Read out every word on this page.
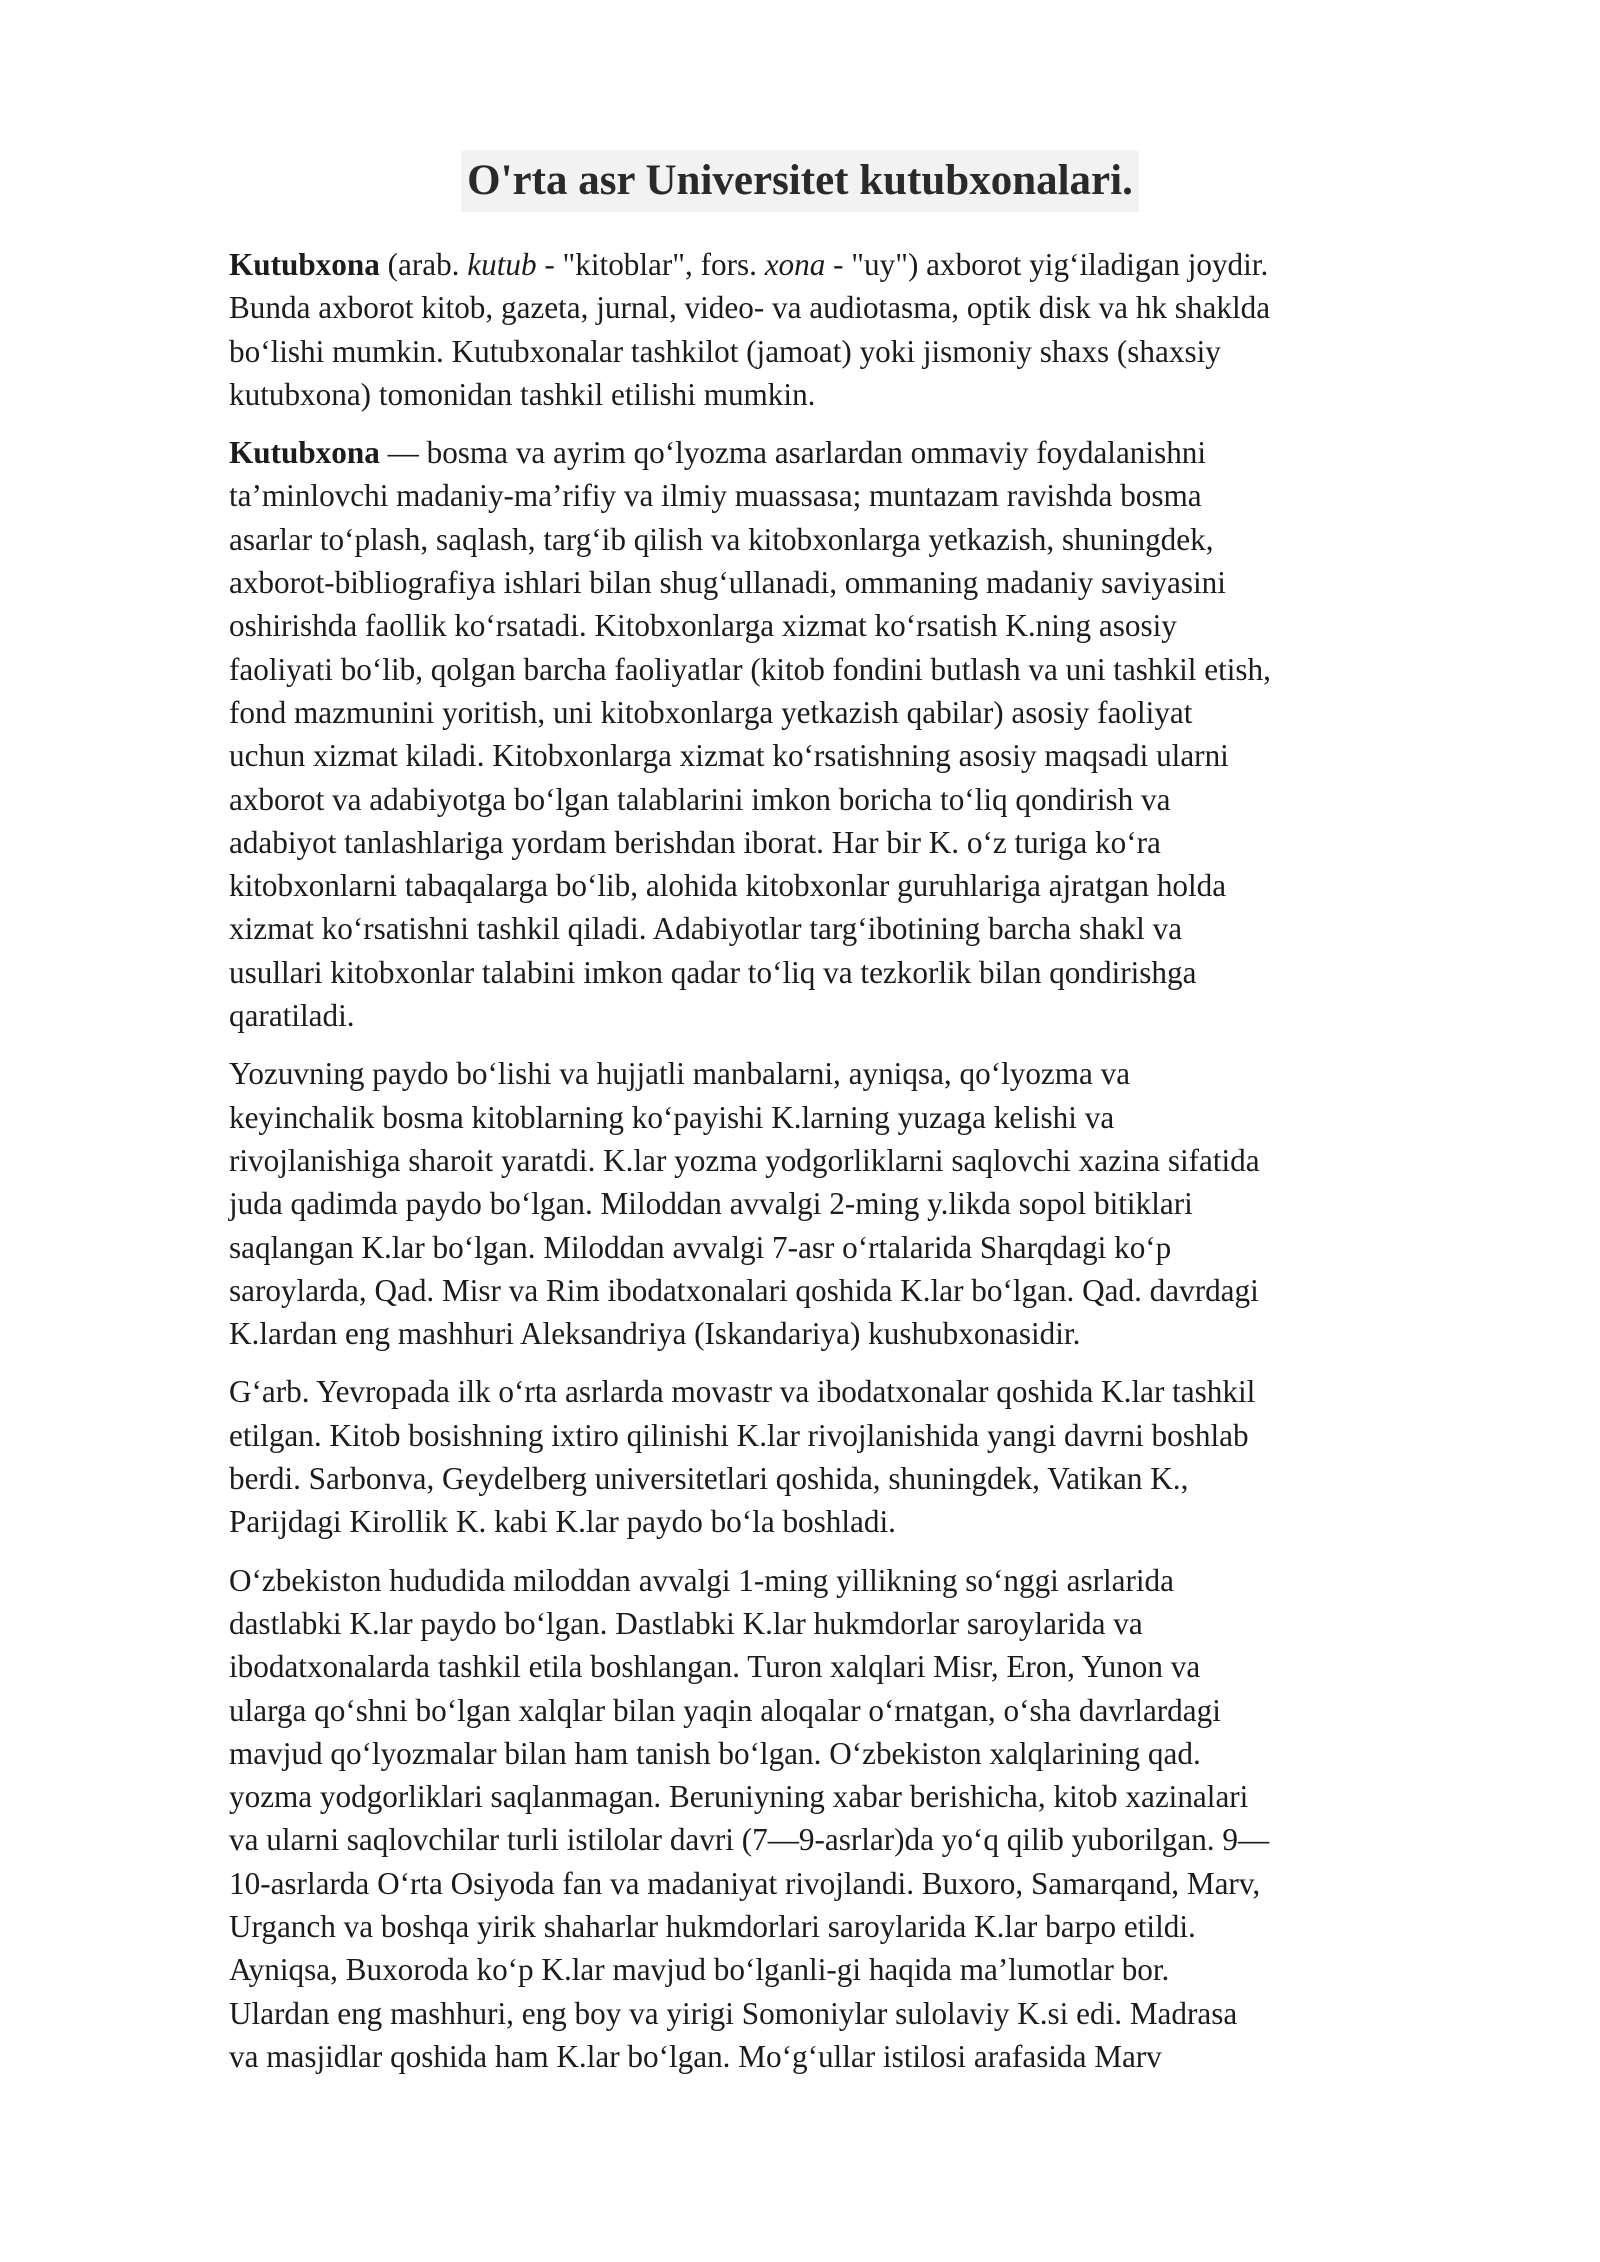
O'rta asr Universitet kutubxonalari.
Kutubxona (arab. kutub - "kitoblar", fors. xona - "uy") axborot yig‘iladigan joydir.
Bunda axborot kitob, gazeta, jurnal, video- va audiotasma, optik disk va hk shaklda
bo‘lishi mumkin. Kutubxonalar tashkilot (jamoat) yoki jismoniy shaxs (shaxsiy
kutubxona) tomonidan tashkil etilishi mumkin.
Kutubxona — bosma va ayrim qo‘lyozma asarlardan ommaviy foydalanishni
ta’minlovchi madaniy-ma’rifiy va ilmiy muassasa; muntazam ravishda bosma
asarlar to‘plash, saqlash, targ‘ib qilish va kitobxonlarga yetkazish, shuningdek,
axborot-bibliografiya ishlari bilan shug‘ullanadi, ommaning madaniy saviyasini
oshirishda faollik ko‘rsatadi. Kitobxonlarga xizmat ko‘rsatish K.ning asosiy
faoliyati bo‘lib, qolgan barcha faoliyatlar (kitob fondini butlash va uni tashkil etish,
fond mazmunini yoritish, uni kitobxonlarga yetkazish qabilar) asosiy faoliyat
uchun xizmat kiladi. Kitobxonlarga xizmat ko‘rsatishning asosiy maqsadi ularni
axborot va adabiyotga bo‘lgan talablarini imkon boricha to‘liq qondirish va
adabiyot tanlashlariga yordam berishdan iborat. Har bir K. o‘z turiga ko‘ra
kitobxonlarni tabaqalarga bo‘lib, alohida kitobxonlar guruhlariga ajratgan holda
xizmat ko‘rsatishni tashkil qiladi. Adabiyotlar targ‘ibotining barcha shakl va
usullari kitobxonlar talabini imkon qadar to‘liq va tezkorlik bilan qondirishga
qaratiladi.
Yozuvning paydo bo‘lishi va hujjatli manbalarni, ayniqsa, qo‘lyozma va
keyinchalik bosma kitoblarning ko‘payishi K.larning yuzaga kelishi va
rivojlanishiga sharoit yaratdi. K.lar yozma yodgorliklarni saqlovchi xazina sifatida
juda qadimda paydo bo‘lgan. Miloddan avvalgi 2-ming y.likda sopol bitiklari
saqlangan K.lar bo‘lgan. Miloddan avvalgi 7-asr o‘rtalarida Sharqdagi ko‘p
saroylarda, Qad. Misr va Rim ibodatxonalari qoshida K.lar bo‘lgan. Qad. davrdagi
K.lardan eng mashhuri Aleksandriya (Iskandariya) kushubxonasidir.
G‘arb. Yevropada ilk o‘rta asrlarda movastr va ibodatxonalar qoshida K.lar tashkil
etilgan. Kitob bosishning ixtiro qilinishi K.lar rivojlanishida yangi davrni boshlab
berdi. Sarbonva, Geydelberg universitetlari qoshida, shuningdek, Vatikan K.,
Parijdagi Kirollik K. kabi K.lar paydo bo‘la boshladi.
O‘zbekiston hududida miloddan avvalgi 1-ming yillikning so‘nggi asrlarida
dastlabki K.lar paydo bo‘lgan. Dastlabki K.lar hukmdorlar saroylarida va
ibodatxonalarda tashkil etila boshlangan. Turon xalqlari Misr, Eron, Yunon va
ularga qo‘shni bo‘lgan xalqlar bilan yaqin aloqalar o‘rnatgan, o‘sha davrlardagi
mavjud qo‘lyozmalar bilan ham tanish bo‘lgan. O‘zbekiston xalqlarining qad.
yozma yodgorliklari saqlanmagan. Beruniyning xabar berishicha, kitob xazinalari
va ularni saqlovchilar turli istilolar davri (7—9-asrlar)da yo‘q qilib yuborilgan. 9—
10-asrlarda O‘rta Osiyoda fan va madaniyat rivojlandi. Buxoro, Samarqand, Marv,
Urganch va boshqa yirik shaharlar hukmdorlari saroylarida K.lar barpo etildi.
Ayniqsa, Buxoroda ko‘p K.lar mavjud bo‘lganli-gi haqida ma’lumotlar bor.
Ulardan eng mashhuri, eng boy va yirigi Somoniylar sulolaviy K.si edi. Madrasa
va masjidlar qoshida ham K.lar bo‘lgan. Mo‘g‘ullar istilosi arafasida Marv
